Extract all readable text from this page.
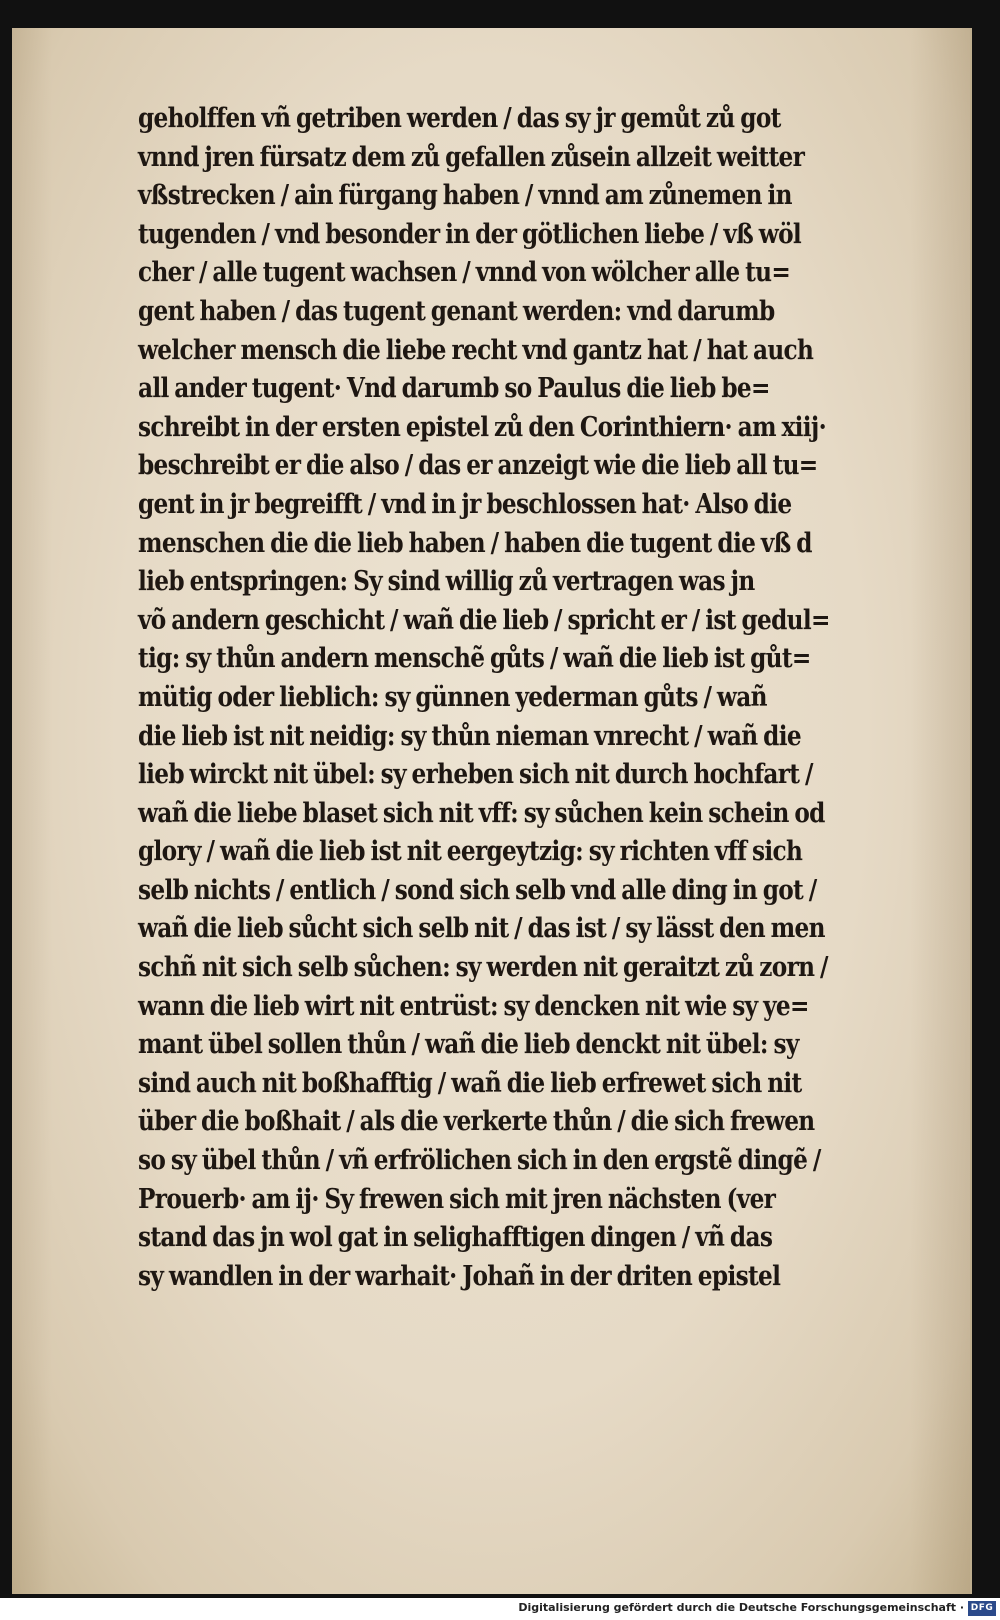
geholffen vñ getriben werden / das sy jr gemůt zů got
vnnd jren fürsatz dem zů gefallen zůsein allzeit weitter
vßstrecken / ain fürgang haben / vnnd am zůnemen in
tugenden / vnd besonder in der götlichen liebe / vß wöl
cher / alle tugent wachsen / vnnd von wölcher alle tu=
gent haben / das tugent genant werden: vnd darumb
welcher mensch die liebe recht vnd gantz hat / hat auch
all ander tugent· Vnd darumb so Paulus die lieb be=
schreibt in der ersten epistel zů den Corinthiern· am xiij·
beschreibt er die also / das er anzeigt wie die lieb all tu=
gent in jr begreifft / vnd in jr beschlossen hat· Also die
menschen die die lieb haben / haben die tugent die vß d
lieb entspringen: Sy sind willig zů vertragen was jn
võ andern geschicht / wañ die lieb / spricht er / ist gedul=
tig: sy thůn andern menschẽ gůts / wañ die lieb ist gůt=
mütig oder lieblich: sy günnen yederman gůts / wañ
die lieb ist nit neidig: sy thůn nieman vnrecht / wañ die
lieb wirckt nit übel: sy erheben sich nit durch hochfart /
wañ die liebe blaset sich nit vff: sy sůchen kein schein od
glory / wañ die lieb ist nit eergeytzig: sy richten vff sich
selb nichts / entlich / sond sich selb vnd alle ding in got /
wañ die lieb sůcht sich selb nit / das ist / sy lässt den men
schñ nit sich selb sůchen: sy werden nit geraitzt zů zorn /
wann die lieb wirt nit entrüst: sy dencken nit wie sy ye=
mant übel sollen thůn / wañ die lieb denckt nit übel: sy
sind auch nit boßhafftig / wañ die lieb erfrewet sich nit
über die boßhait / als die verkerte thůn / die sich frewen
so sy übel thůn / vñ erfrölichen sich in den ergstẽ dingẽ /
Prouerb· am ij· Sy frewen sich mit jren nächsten (ver
stand das jn wol gat in selighafftigen dingen / vñ das
sy wandlen in der warhait· Johañ in der driten epistel
Digitalisierung gefördert durch die Deutsche Forschungsgemeinschaft · DFG
